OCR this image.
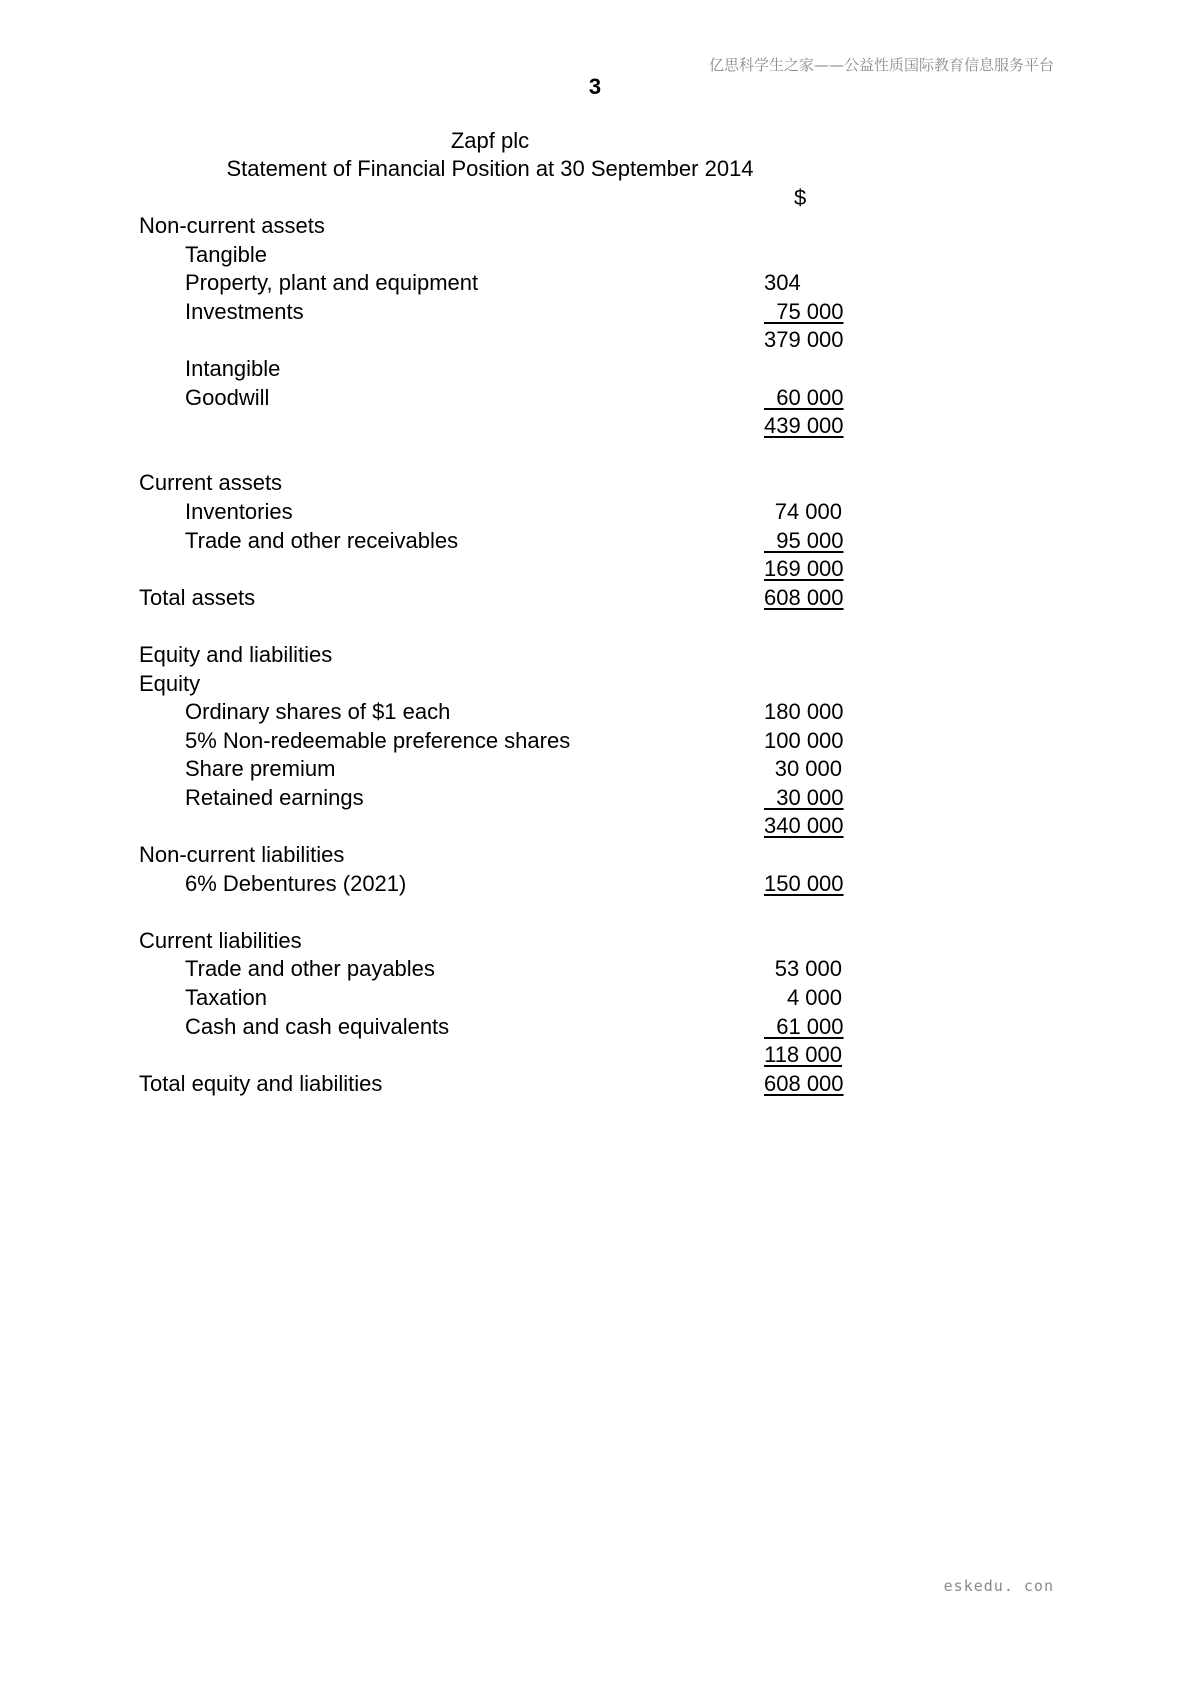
亿思科学生之家——公益性质国际教育信息服务平台
3
Zapf plc
Statement of Financial Position at 30 September 2014
$
Non-current assets
Tangible
Property, plant and equipment	304
Investments	75 000
379 000
Intangible
Goodwill	60 000
439 000
Current assets
Inventories	74 000
Trade and other receivables	95 000
169 000
Total assets	608 000
Equity and liabilities
Equity
Ordinary shares of $1 each	180 000
5% Non-redeemable preference shares	100 000
Share premium	30 000
Retained earnings	30 000
340 000
Non-current liabilities
6% Debentures (2021)	150 000
Current liabilities
Trade and other payables	53 000
Taxation	4 000
Cash and cash equivalents	61 000
118 000
Total equity and liabilities	608 000
eskedu. con
